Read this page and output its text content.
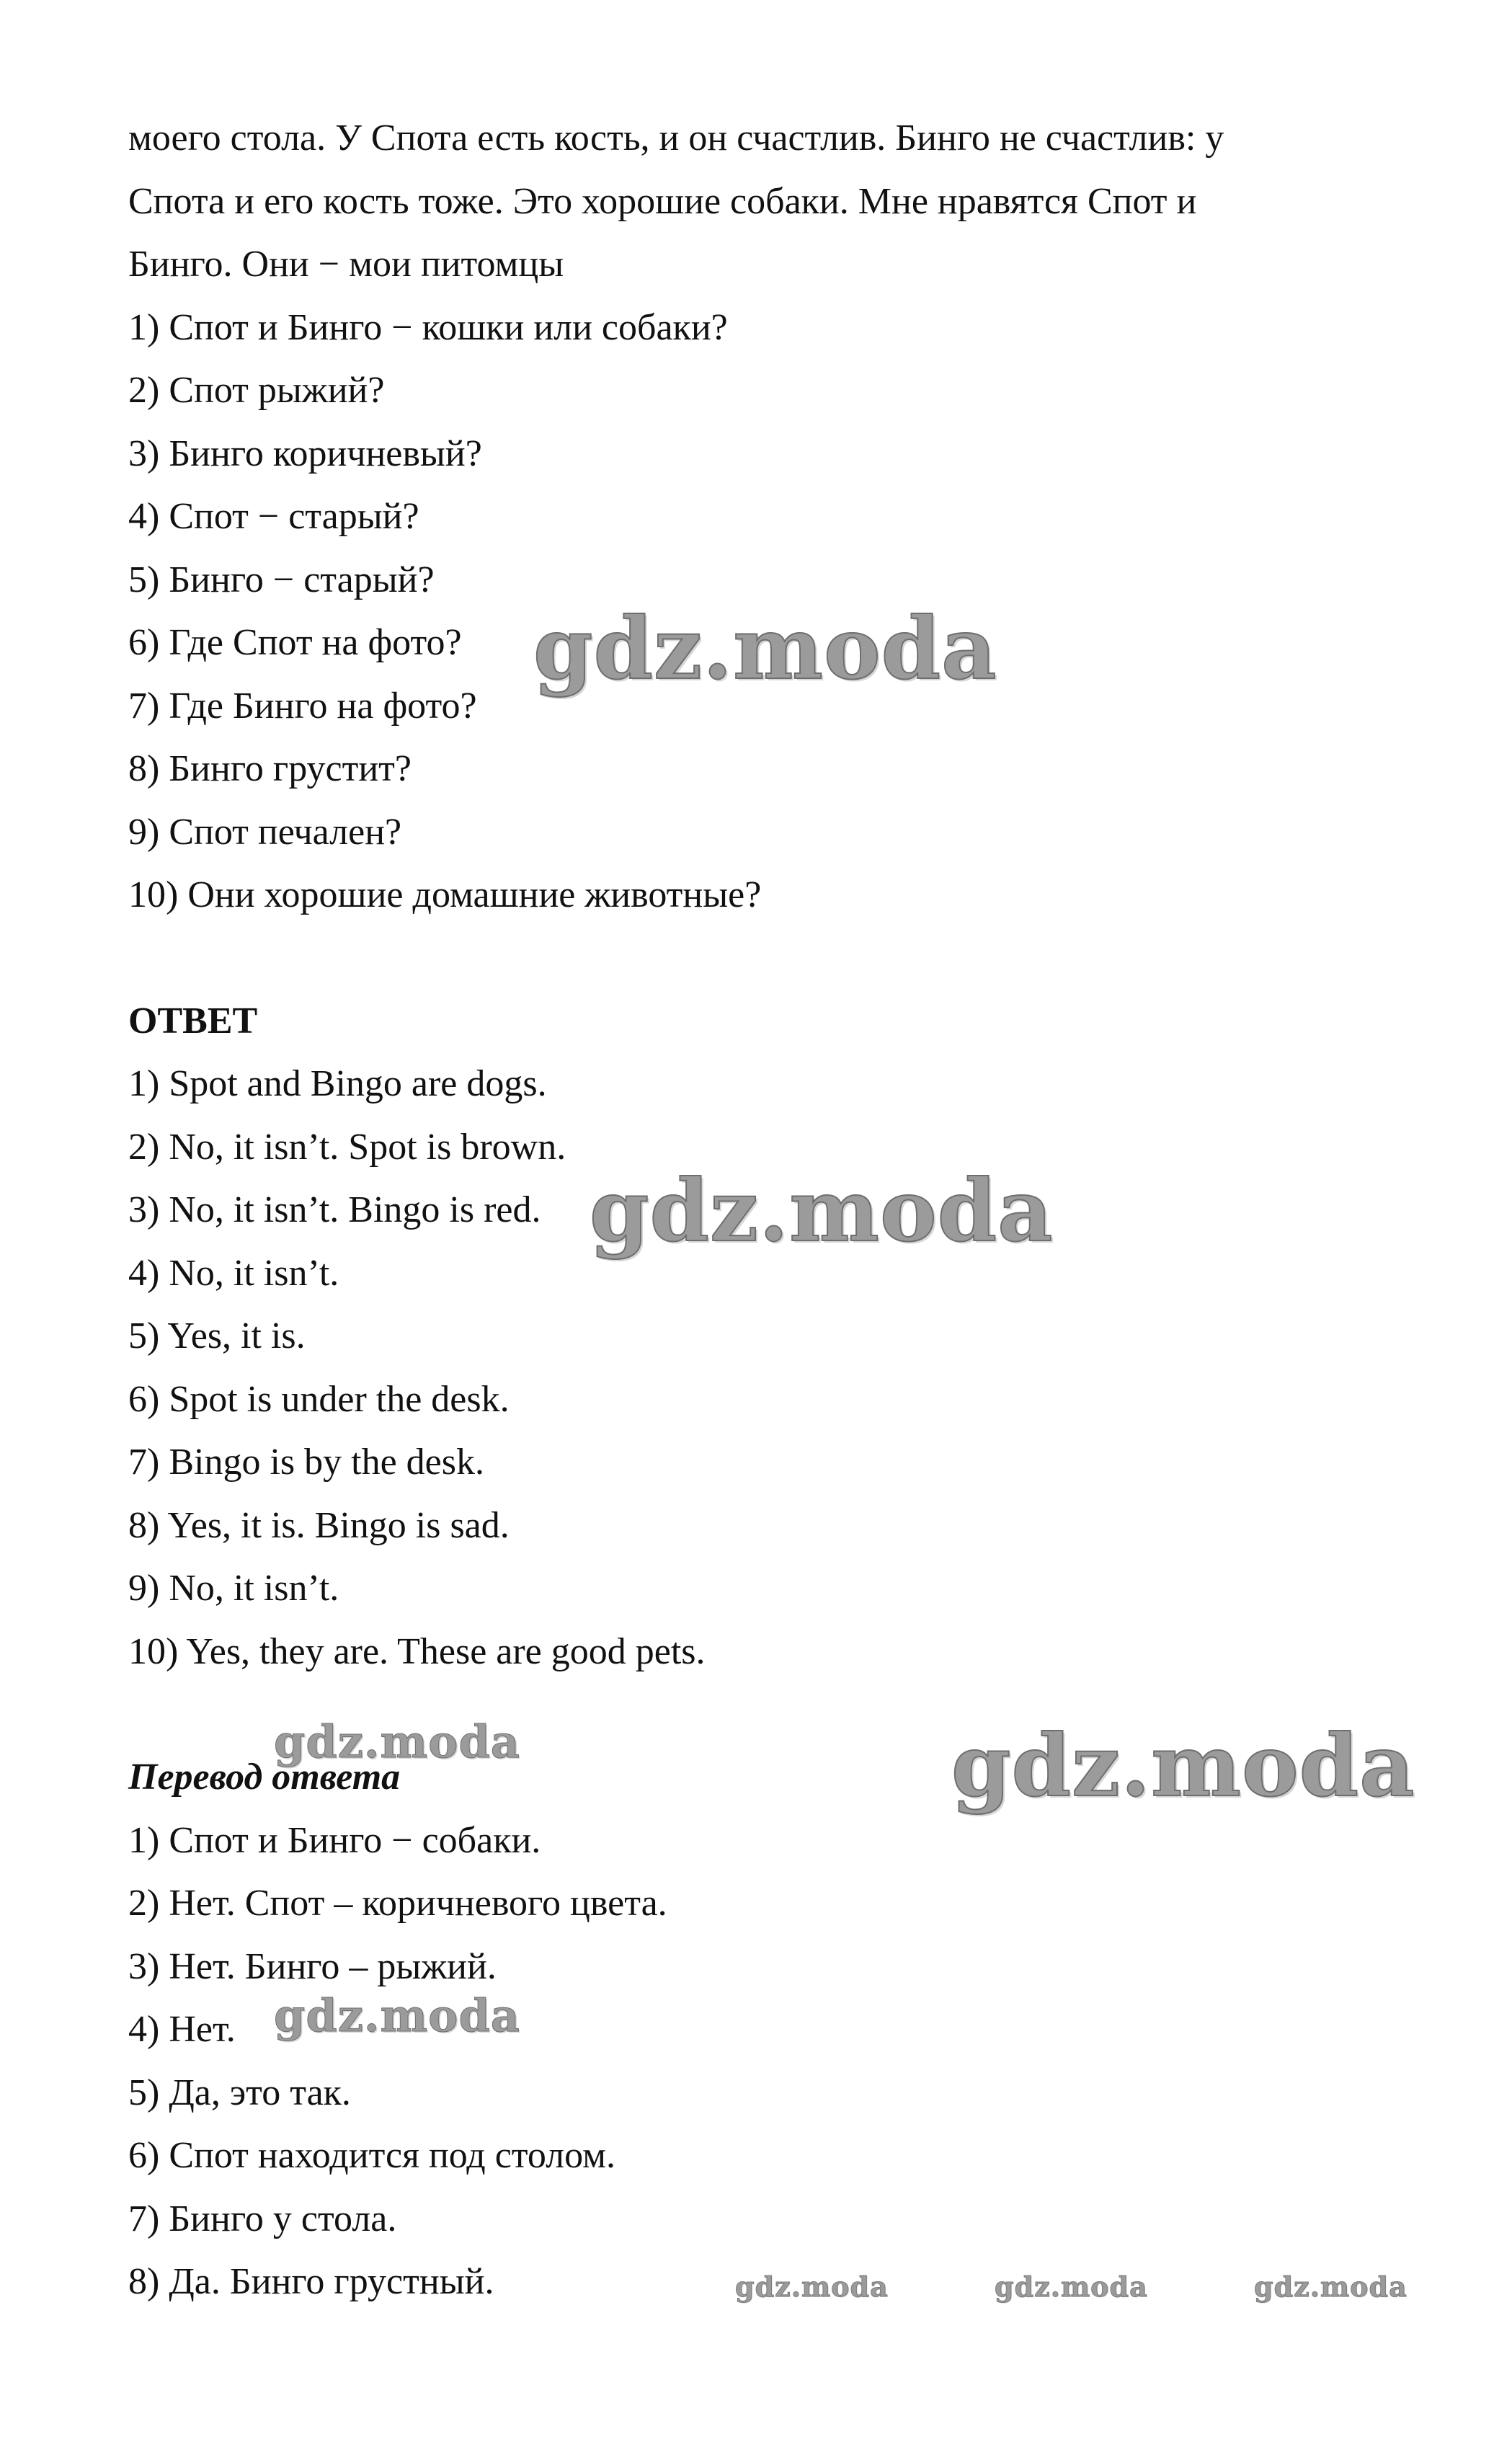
моего стола. У Спота есть кость, и он счастлив. Бинго не счастлив: у

Спота и его кость тоже. Это хорошие собаки. Мне нравятся Спот и

Бинго. Они − мои питомцы

1) Спот и Бинго − кошки или собаки?

2) Спот рыжий?

3) Бинго коричневый?

4) Спот − старый?

5) Бинго − старый?

6) Где Спот на фото?

7) Где Бинго на фото?

8) Бинго грустит?

9) Спот печален?

10) Они хорошие домашние животные?

ОТВЕТ

1) Spot and Bingo are dogs.

2) No, it isn’t. Spot is brown.

3) No, it isn’t. Bingo is red.

4) No, it isn’t.

5) Yes, it is.

6) Spot is under the desk.

7) Bingo is by the desk.

8) Yes, it is. Bingo is sad.

9) No, it isn’t.

10) Yes, they are. These are good pets.

Перевод ответа

1) Спот и Бинго − собаки.

2) Нет. Спот – коричневого цвета.

3) Нет. Бинго – рыжий.

4) Нет.

5) Да, это так.

6) Спот находится под столом.

7) Бинго у стола.

8) Да. Бинго грустный.

gdz.moda
gdz.moda
gdz.moda
gdz.moda
gdz.moda
gdz.moda	gdz.moda	gdz.moda
